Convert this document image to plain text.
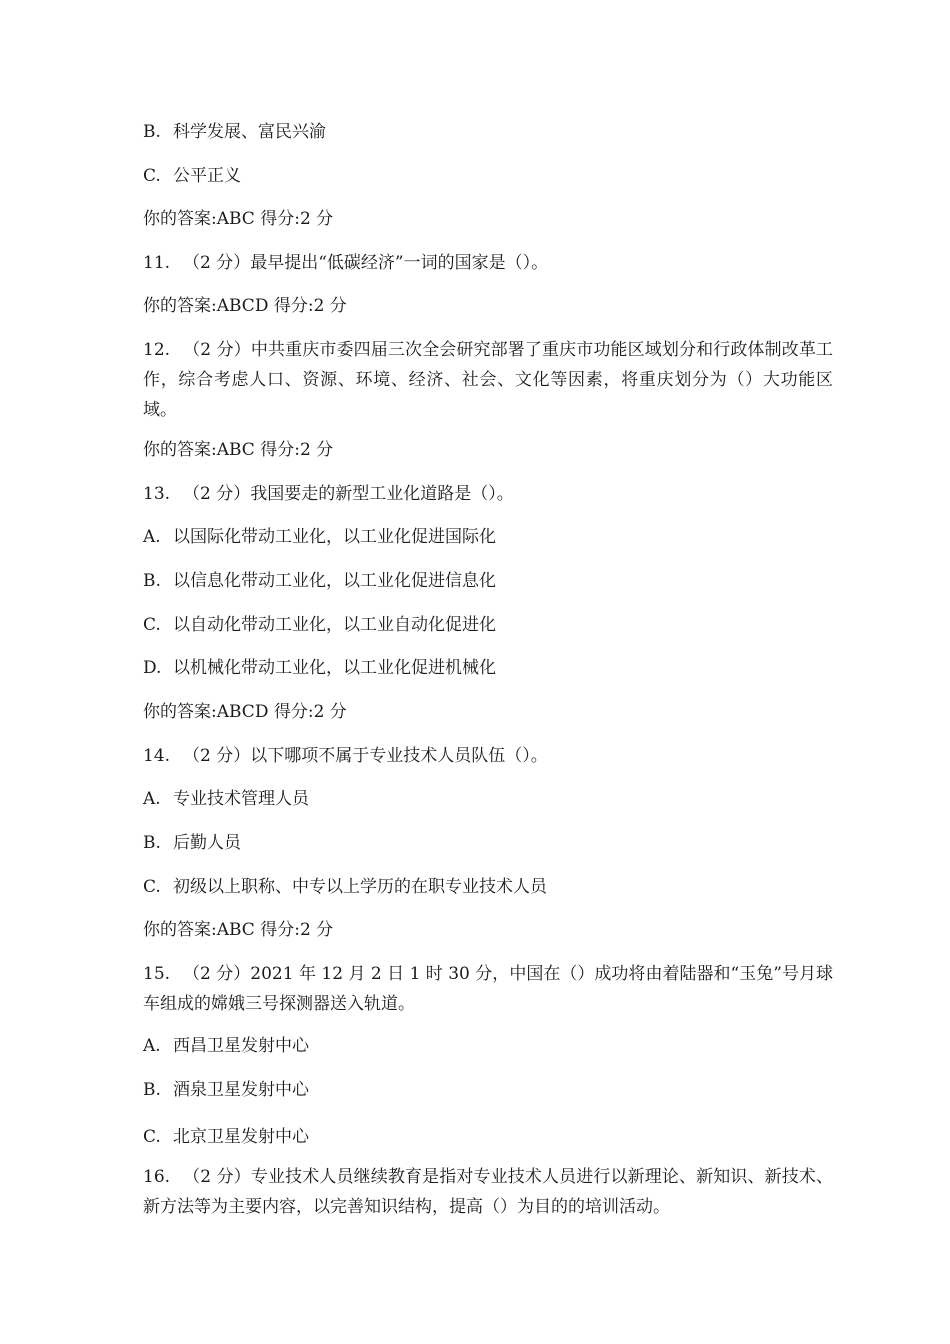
B. 科学发展、富民兴渝
C. 公平正义
你的答案:ABC 得分:2 分
11. （2 分）最早提出“低碳经济”一词的国家是（）。
你的答案:ABCD 得分:2 分
12. （2 分）中共重庆市委四届三次全会研究部署了重庆市功能区域划分和行政体制改革工作，综合考虑人口、资源、环境、经济、社会、文化等因素，将重庆划分为（）大功能区域。
你的答案:ABC 得分:2 分
13. （2 分）我国要走的新型工业化道路是（）。
A. 以国际化带动工业化，以工业化促进国际化
B. 以信息化带动工业化，以工业化促进信息化
C. 以自动化带动工业化，以工业自动化促进化
D. 以机械化带动工业化，以工业化促进机械化
你的答案:ABCD 得分:2 分
14. （2 分）以下哪项不属于专业技术人员队伍（）。
A. 专业技术管理人员
B. 后勤人员
C. 初级以上职称、中专以上学历的在职专业技术人员
你的答案:ABC 得分:2 分
15. （2 分）2021 年 12 月 2 日 1 时 30 分，中国在（）成功将由着陆器和“玉兔”号月球车组成的嫦娥三号探测器送入轨道。
A. 西昌卫星发射中心
B. 酒泉卫星发射中心
C. 北京卫星发射中心
16. （2 分）专业技术人员继续教育是指对专业技术人员进行以新理论、新知识、新技术、新方法等为主要内容，以完善知识结构，提高（）为目的的培训活动。
